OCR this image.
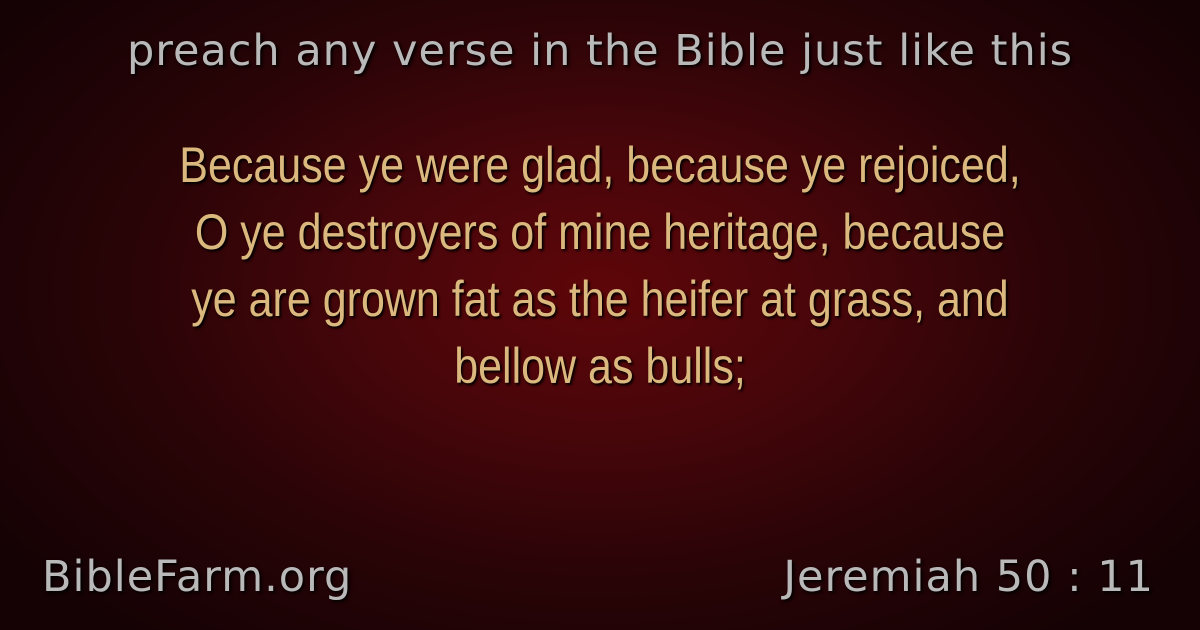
preach any verse in the Bible just like this
Because ye were glad, because ye rejoiced,
O ye destroyers of mine heritage, because
ye are grown fat as the heifer at grass, and
bellow as bulls;
BibleFarm.org	Jeremiah 50 : 11
